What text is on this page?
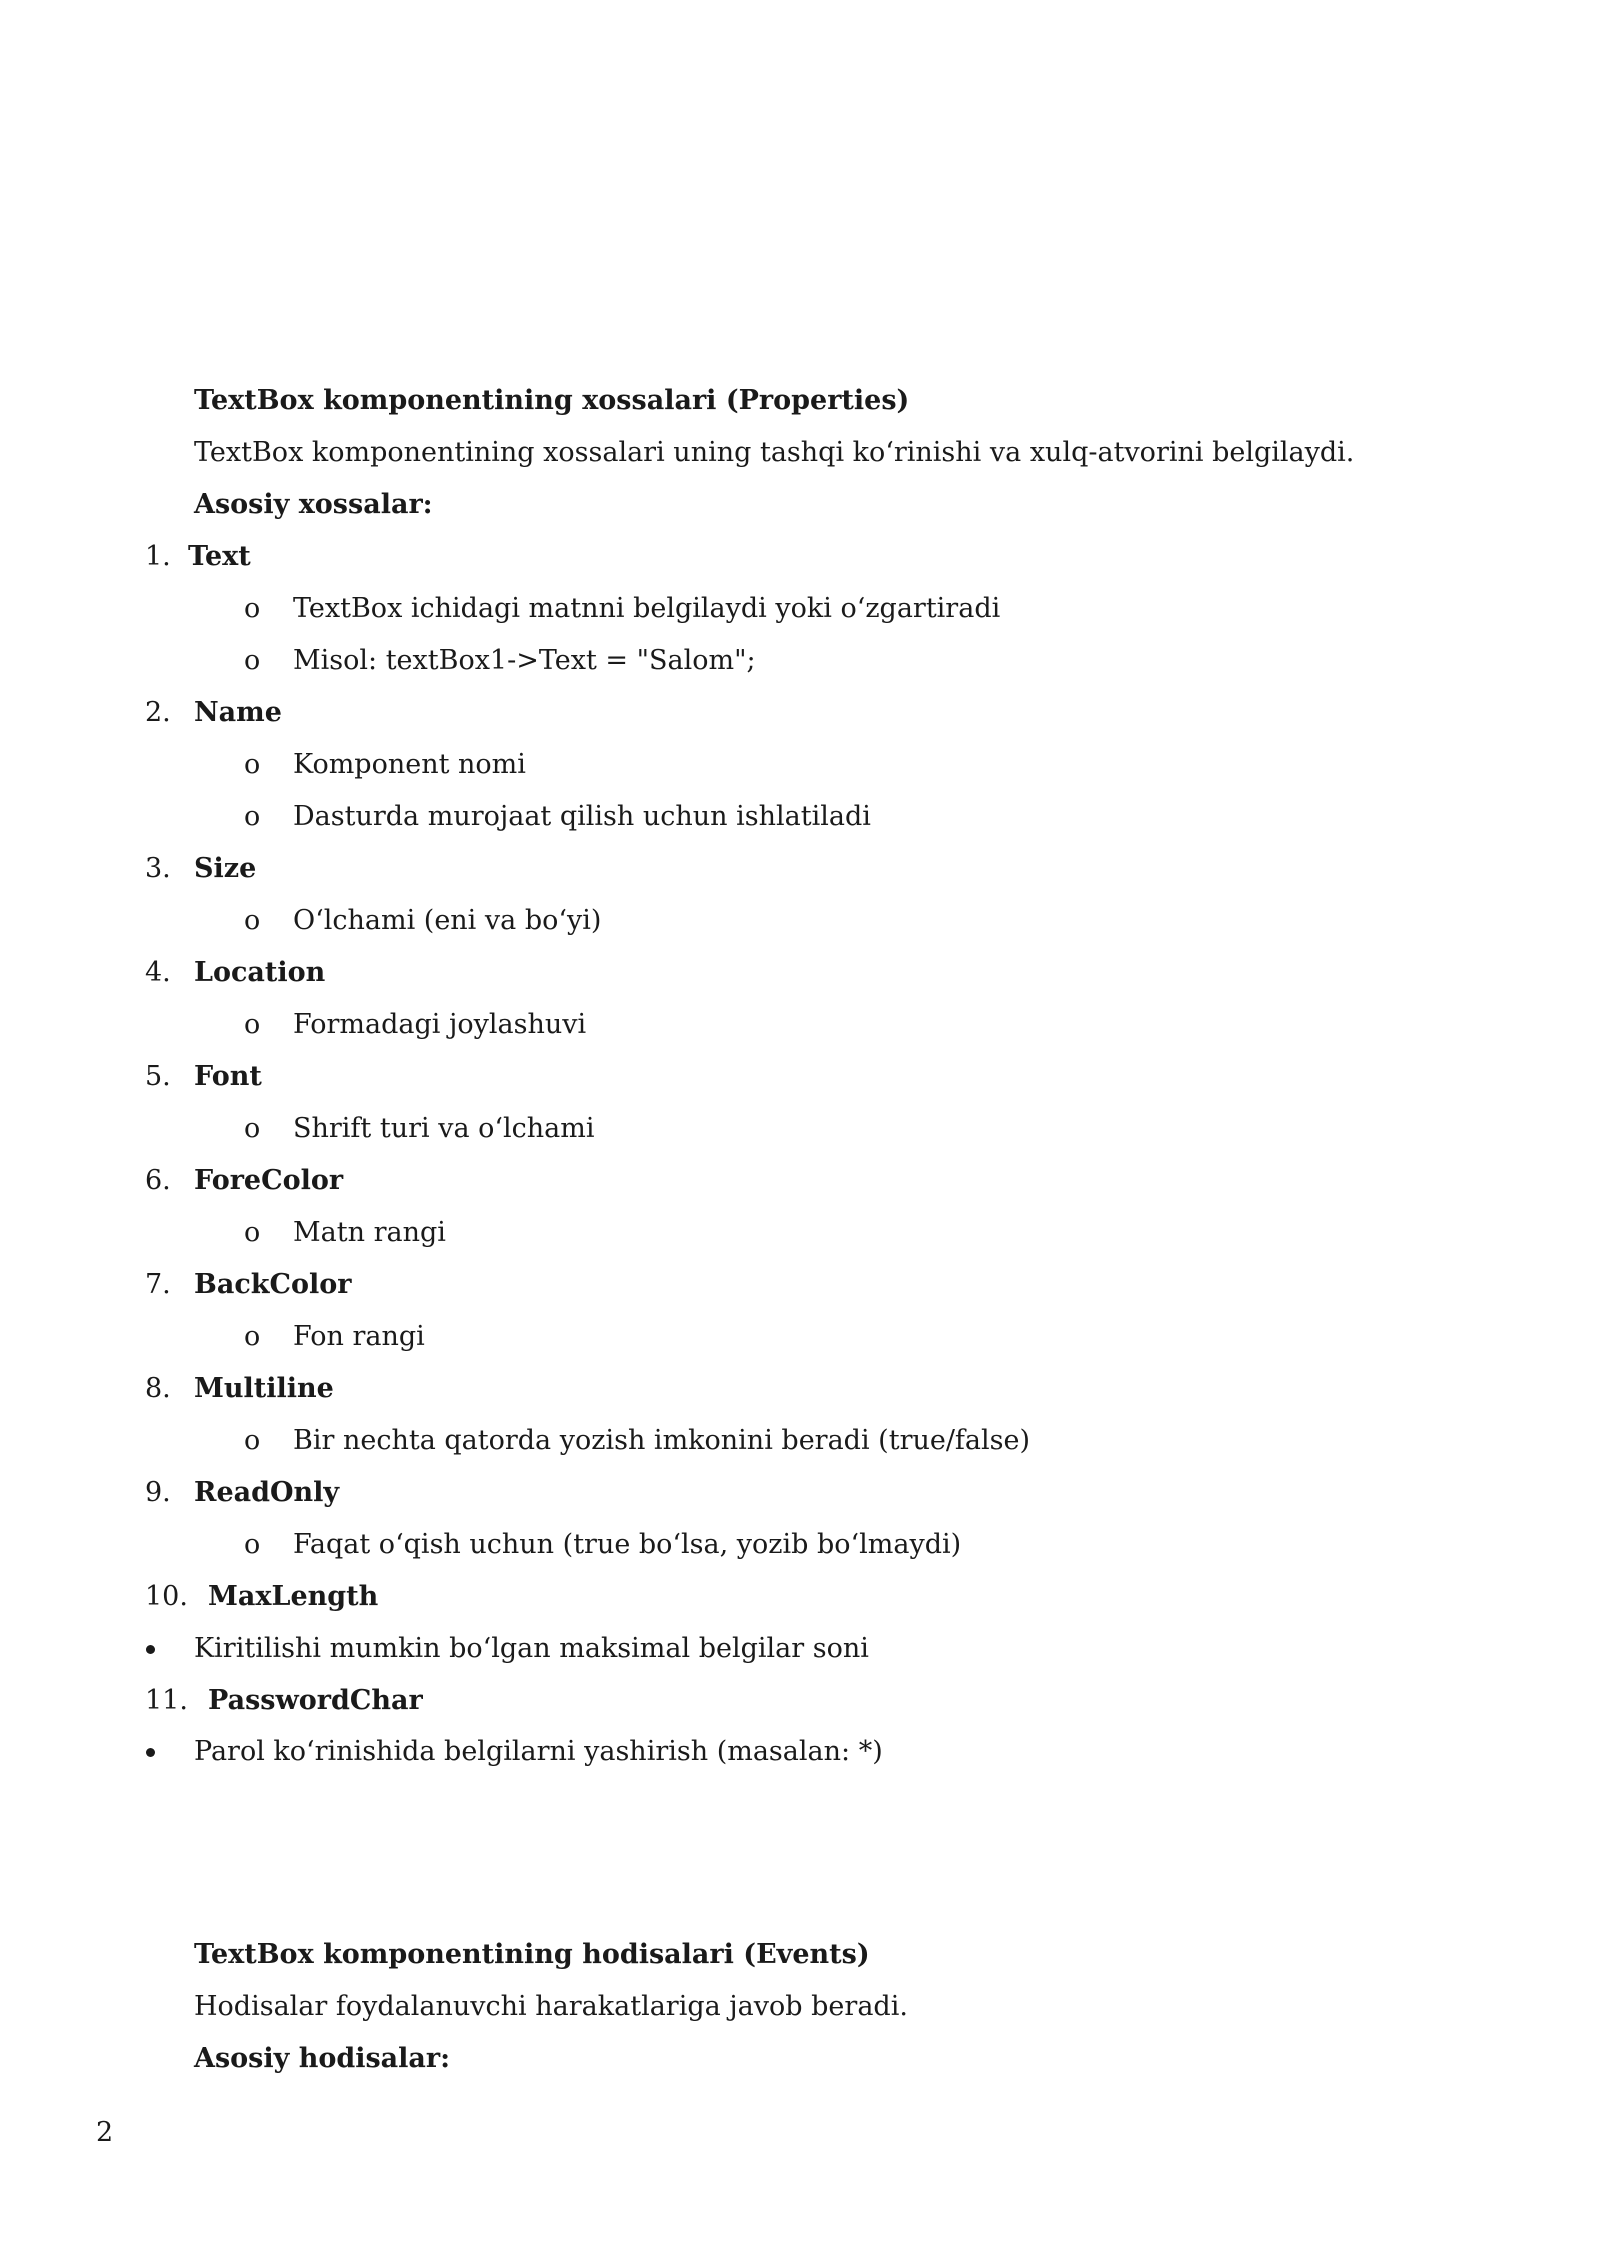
TextBox komponentining xossalari (Properties)
TextBox komponentining xossalari uning tashqi ko‘rinishi va xulq-atvorini belgilaydi.
Asosiy xossalar:
1. Text
o TextBox ichidagi matnni belgilaydi yoki o‘zgartiradi
o Misol: textBox1->Text = "Salom";
2. Name
o Komponent nomi
o Dasturda murojaat qilish uchun ishlatiladi
3. Size
o O‘lchami (eni va bo‘yi)
4. Location
o Formadagi joylashuvi
5. Font
o Shrift turi va o‘lchami
6. ForeColor
o Matn rangi
7. BackColor
o Fon rangi
8. Multiline
o Bir nechta qatorda yozish imkonini beradi (true/false)
9. ReadOnly
o Faqat o‘qish uchun (true bo‘lsa, yozib bo‘lmaydi)
10. MaxLength
Kiritilishi mumkin bo‘lgan maksimal belgilar soni
11. PasswordChar
Parol ko‘rinishida belgilarni yashirish (masalan: *)
TextBox komponentining hodisalari (Events)
Hodisalar foydalanuvchi harakatlariga javob beradi.
Asosiy hodisalar:
2
